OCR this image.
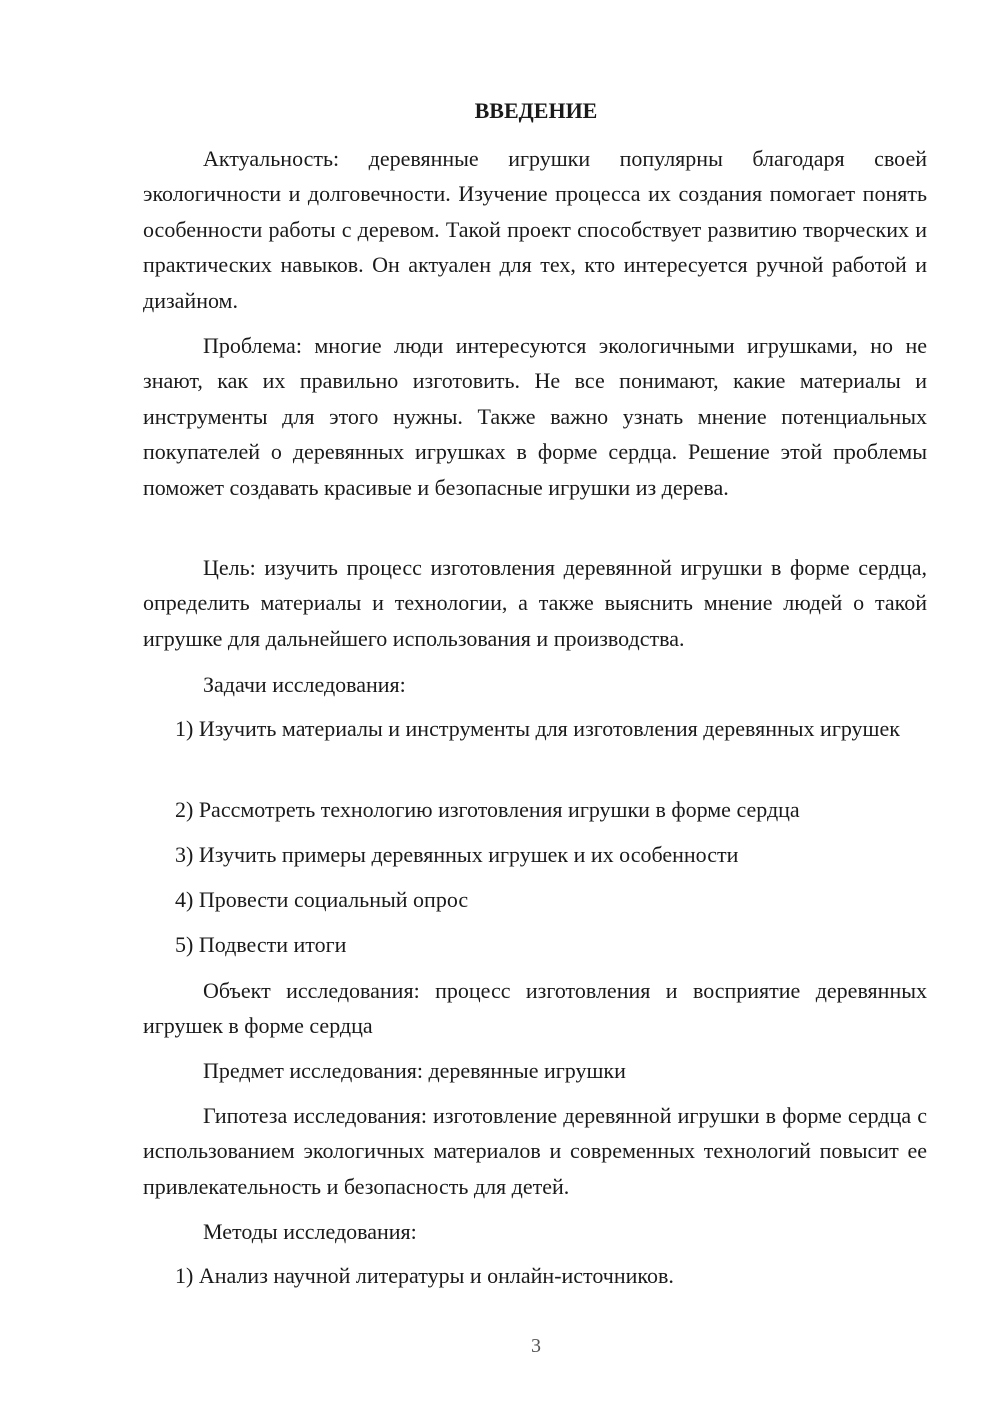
ВВЕДЕНИЕ

Актуальность: деревянные игрушки популярны благодаря своей экологичности и долговечности. Изучение процесса их создания помогает понять особенности работы с деревом. Такой проект способствует развитию творческих и практических навыков. Он актуален для тех, кто интересуется ручной работой и дизайном.

Проблема: многие люди интересуются экологичными игрушками, но не знают, как их правильно изготовить. Не все понимают, какие материалы и инструменты для этого нужны. Также важно узнать мнение потенциальных покупателей о деревянных игрушках в форме сердца. Решение этой проблемы поможет создавать красивые и безопасные игрушки из дерева.

Цель: изучить процесс изготовления деревянной игрушки в форме сердца, определить материалы и технологии, а также выяснить мнение людей о такой игрушке для дальнейшего использования и производства.

Задачи исследования:

1) Изучить материалы и инструменты для изготовления деревянных игрушек

2) Рассмотреть технологию изготовления игрушки в форме сердца

3) Изучить примеры деревянных игрушек и их особенности

4) Провести социальный опрос

5) Подвести итоги

Объект исследования: процесс изготовления и восприятие деревянных игрушек в форме сердца

Предмет исследования: деревянные игрушки

Гипотеза исследования: изготовление деревянной игрушки в форме сердца с использованием экологичных материалов и современных технологий повысит ее привлекательность и безопасность для детей.

Методы исследования:

1) Анализ научной литературы и онлайн-источников.

3
